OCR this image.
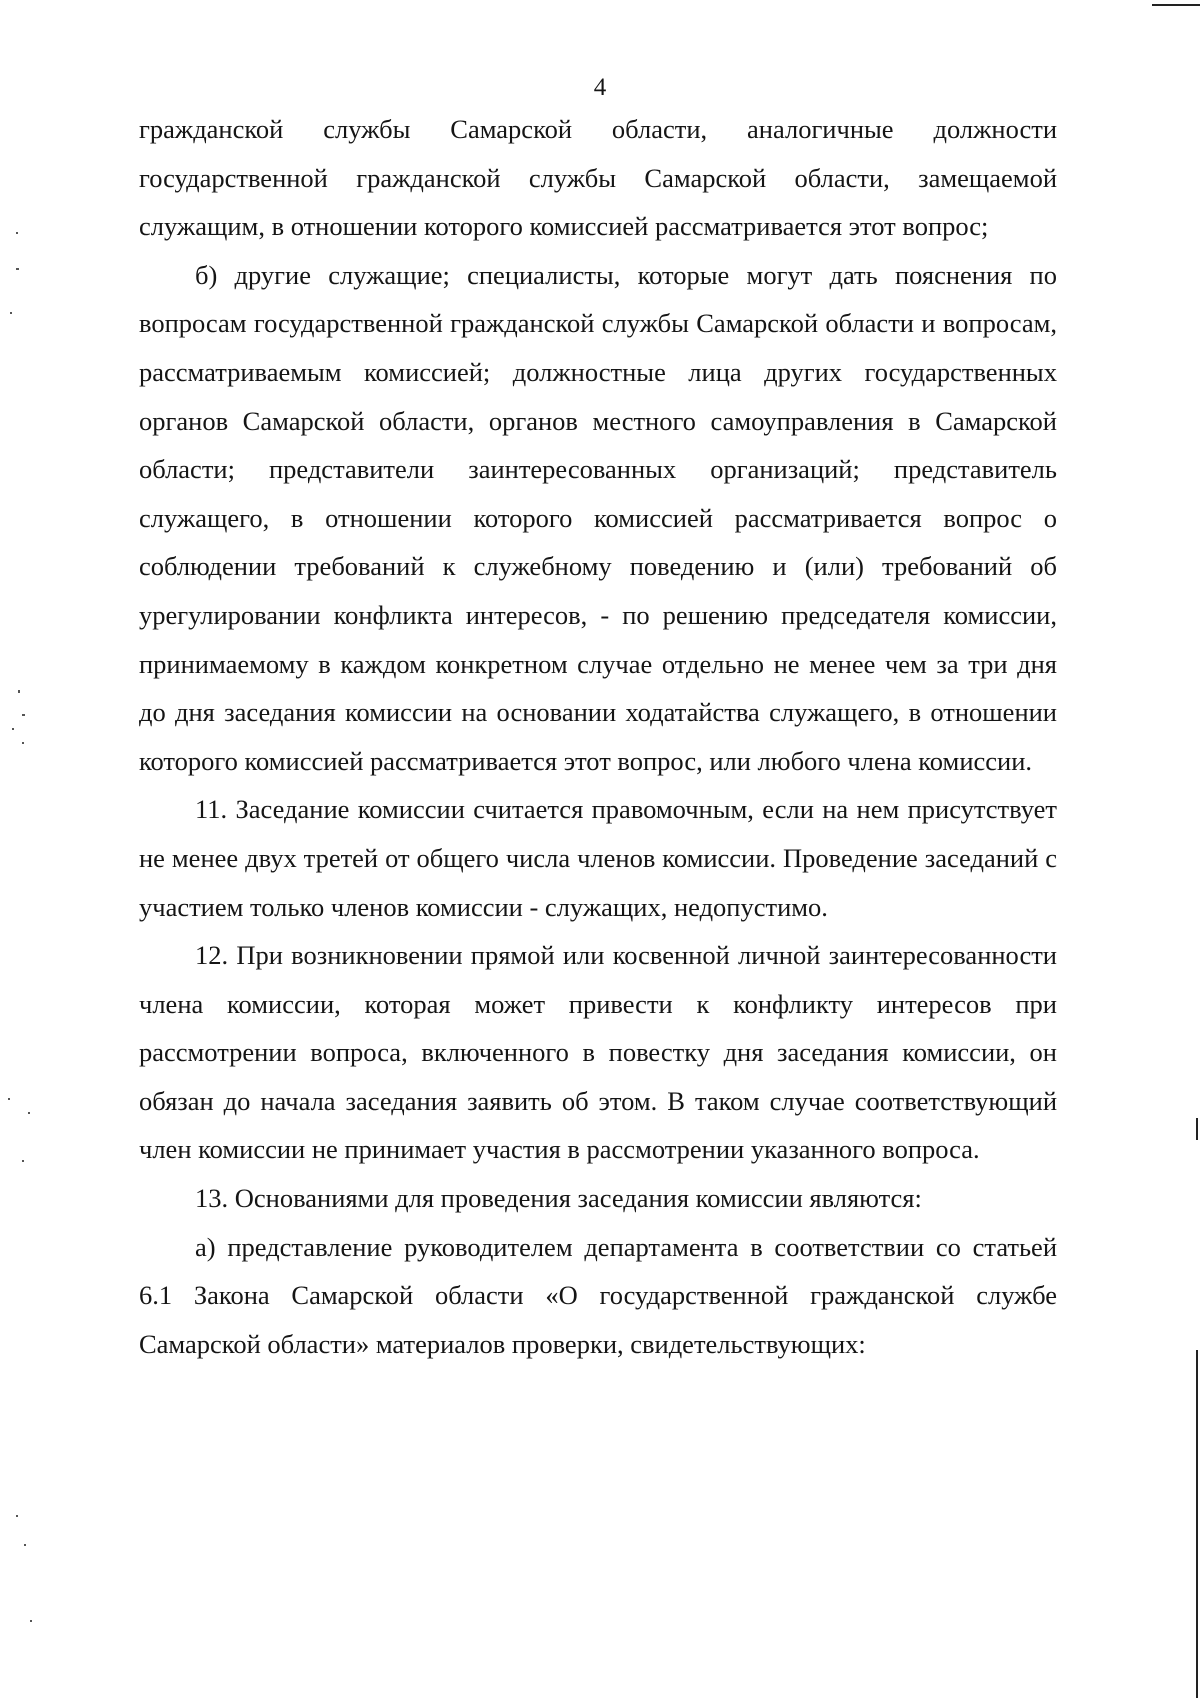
4

гражданской службы Самарской области, аналогичные должности государственной гражданской службы Самарской области, замещаемой служащим, в отношении которого комиссией рассматривается этот вопрос;

б) другие служащие; специалисты, которые могут дать пояснения по вопросам государственной гражданской службы Самарской области и вопросам, рассматриваемым комиссией; должностные лица других государственных органов Самарской области, органов местного самоуправления в Самарской области; представители заинтересованных организаций; представитель служащего, в отношении которого комиссией рассматривается вопрос о соблюдении требований к служебному поведению и (или) требований об урегулировании конфликта интересов, - по решению председателя комиссии, принимаемому в каждом конкретном случае отдельно не менее чем за три дня до дня заседания комиссии на основании ходатайства служащего, в отношении которого комиссией рассматривается этот вопрос, или любого члена комиссии.

11. Заседание комиссии считается правомочным, если на нем присутствует не менее двух третей от общего числа членов комиссии. Проведение заседаний с участием только членов комиссии - служащих, недопустимо.

12. При возникновении прямой или косвенной личной заинтересованности члена комиссии, которая может привести к конфликту интересов при рассмотрении вопроса, включенного в повестку дня заседания комиссии, он обязан до начала заседания заявить об этом. В таком случае соответствующий член комиссии не принимает участия в рассмотрении указанного вопроса.

13. Основаниями для проведения заседания комиссии являются:

а) представление руководителем департамента в соответствии со статьей 6.1 Закона Самарской области «О государственной гражданской службе Самарской области» материалов проверки, свидетельствующих:
